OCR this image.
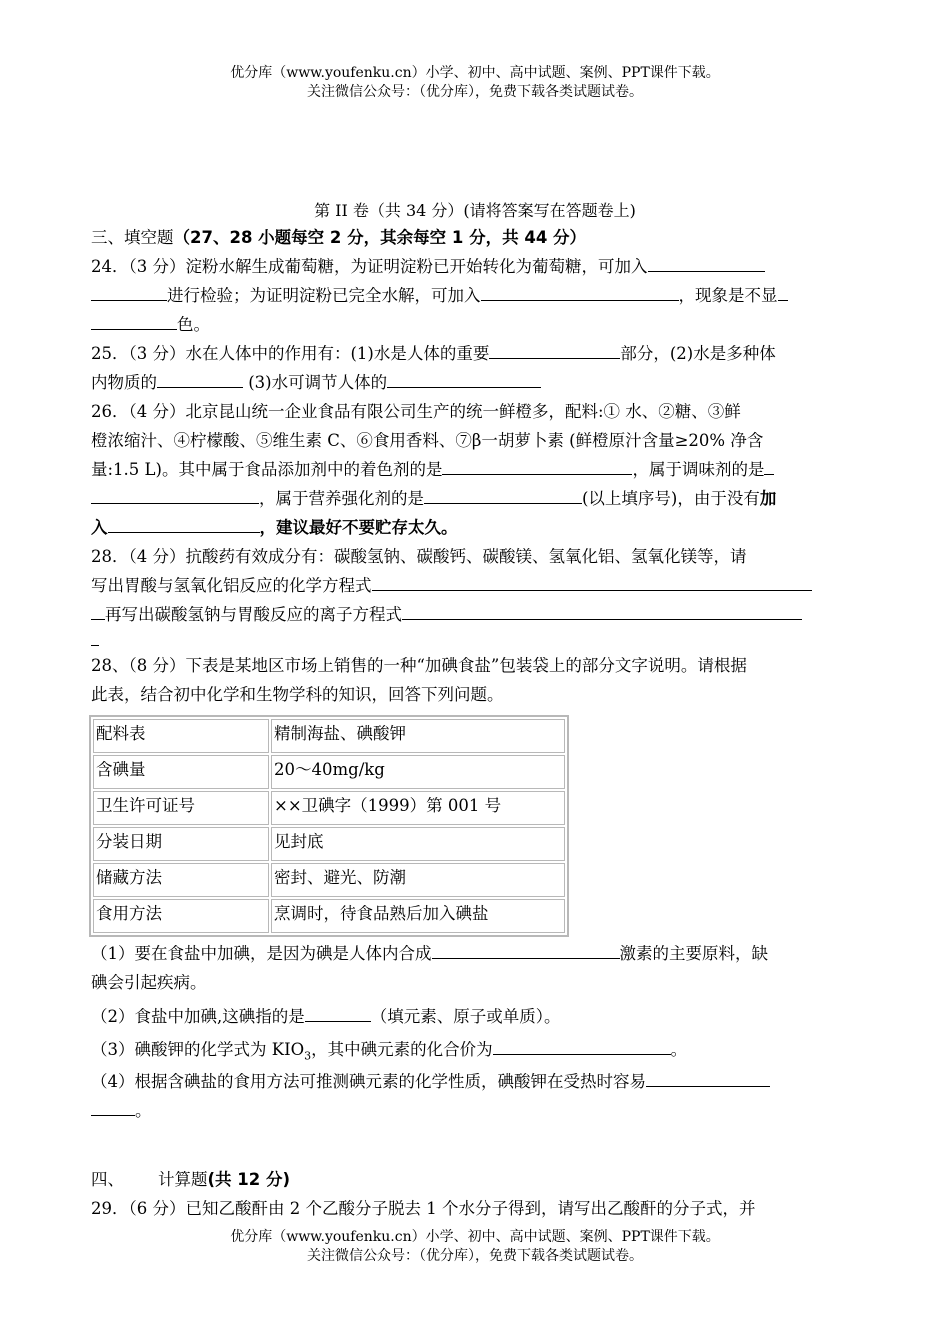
优分库（www.youfenku.cn）小学、初中、高中试题、案例、PPT课件下载。
关注微信公众号：（优分库），免费下载各类试题试卷。
第 II 卷（共 34 分）(请将答案写在答题卷上)
三、填空题（27、28 小题每空 2 分，其余每空 1 分，共 44 分）
24．（3 分）淀粉水解生成葡萄糖，为证明淀粉已开始转化为葡萄糖，可加入
进行检验；为证明淀粉已完全水解，可加入	，现象是不显
色。
25．（3 分）水在人体中的作用有：(1)水是人体的重要	部分，(2)水是多种体
内物质的	(3)水可调节人体的
26．（4 分）北京昆山统一企业食品有限公司生产的统一鲜橙多，配料:① 水、②糖、③鲜
橙浓缩汁、④柠檬酸、⑤维生素 C、⑥食用香料、⑦β一胡萝卜素 (鲜橙原汁含量≥20% 净含
量:1.5 L)。其中属于食品添加剂中的着色剂的是	，属于调味剂的是
，属于营养强化剂的是	(以上填序号)，由于没有加
入	，建议最好不要贮存太久。
28．（4 分）抗酸药有效成分有：碳酸氢钠、碳酸钙、碳酸镁、氢氧化铝、氢氧化镁等，请
写出胃酸与氢氧化铝反应的化学方程式
再写出碳酸氢钠与胃酸反应的离子方程式
28、（8 分）下表是某地区市场上销售的一种“加碘食盐”包装袋上的部分文字说明。请根据
此表，结合初中化学和生物学科的知识，回答下列问题。
配料表	精制海盐、碘酸钾
含碘量	20～40mg/kg
卫生许可证号	××卫碘字（1999）第 001 号
分装日期	见封底
储藏方法	密封、避光、防潮
食用方法	烹调时，待食品熟后加入碘盐
（1）要在食盐中加碘，是因为碘是人体内合成	激素的主要原料，缺
碘会引起疾病。
（2）食盐中加碘,这碘指的是	（填元素、原子或单质）。
（3）碘酸钾的化学式为 $KIO_3$，其中碘元素的化合价为	。
（4）根据含碘盐的食用方法可推测碘元素的化学性质，碘酸钾在受热时容易
。
四、 计算题(共 12 分)
29．（6 分）已知乙酸酐由 2 个乙酸分子脱去 1 个水分子得到，请写出乙酸酐的分子式，并
优分库（www.youfenku.cn）小学、初中、高中试题、案例、PPT课件下载。
关注微信公众号：（优分库），免费下载各类试题试卷。
